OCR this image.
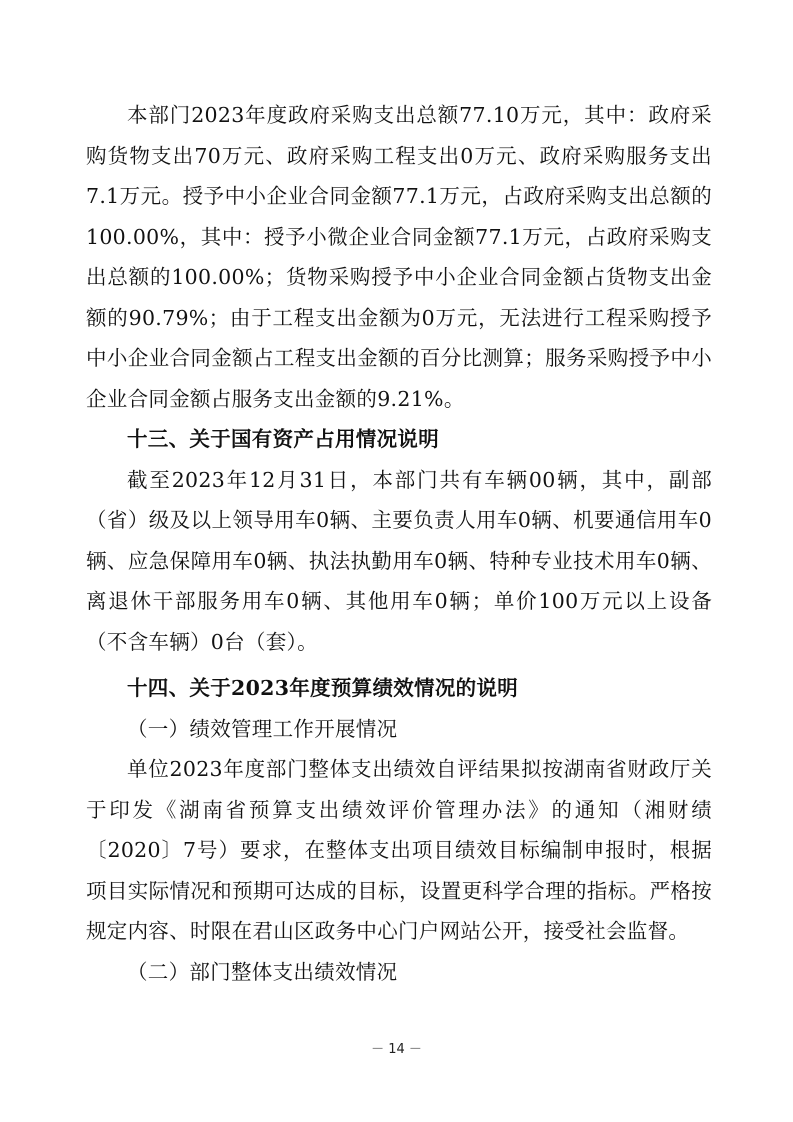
本部门2023年度政府采购支出总额77.10万元，其中：政府采购货物支出70万元、政府采购工程支出0万元、政府采购服务支出7.1万元。授予中小企业合同金额77.1万元，占政府采购支出总额的100.00%，其中：授予小微企业合同金额77.1万元，占政府采购支出总额的100.00%；货物采购授予中小企业合同金额占货物支出金额的90.79%；由于工程支出金额为0万元，无法进行工程采购授予中小企业合同金额占工程支出金额的百分比测算；服务采购授予中小企业合同金额占服务支出金额的9.21%。

十三、关于国有资产占用情况说明

截至2023年12月31日，本部门共有车辆00辆，其中，副部（省）级及以上领导用车0辆、主要负责人用车0辆、机要通信用车0辆、应急保障用车0辆、执法执勤用车0辆、特种专业技术用车0辆、离退休干部服务用车0辆、其他用车0辆；单价100万元以上设备（不含车辆）0台（套）。

十四、关于2023年度预算绩效情况的说明

（一）绩效管理工作开展情况

单位2023年度部门整体支出绩效自评结果拟按湖南省财政厅关于印发《湖南省预算支出绩效评价管理办法》的通知（湘财绩〔2020〕7号）要求，在整体支出项目绩效目标编制申报时，根据项目实际情况和预期可达成的目标，设置更科学合理的指标。严格按规定内容、时限在君山区政务中心门户网站公开，接受社会监督。

（二）部门整体支出绩效情况

－ 14 －
